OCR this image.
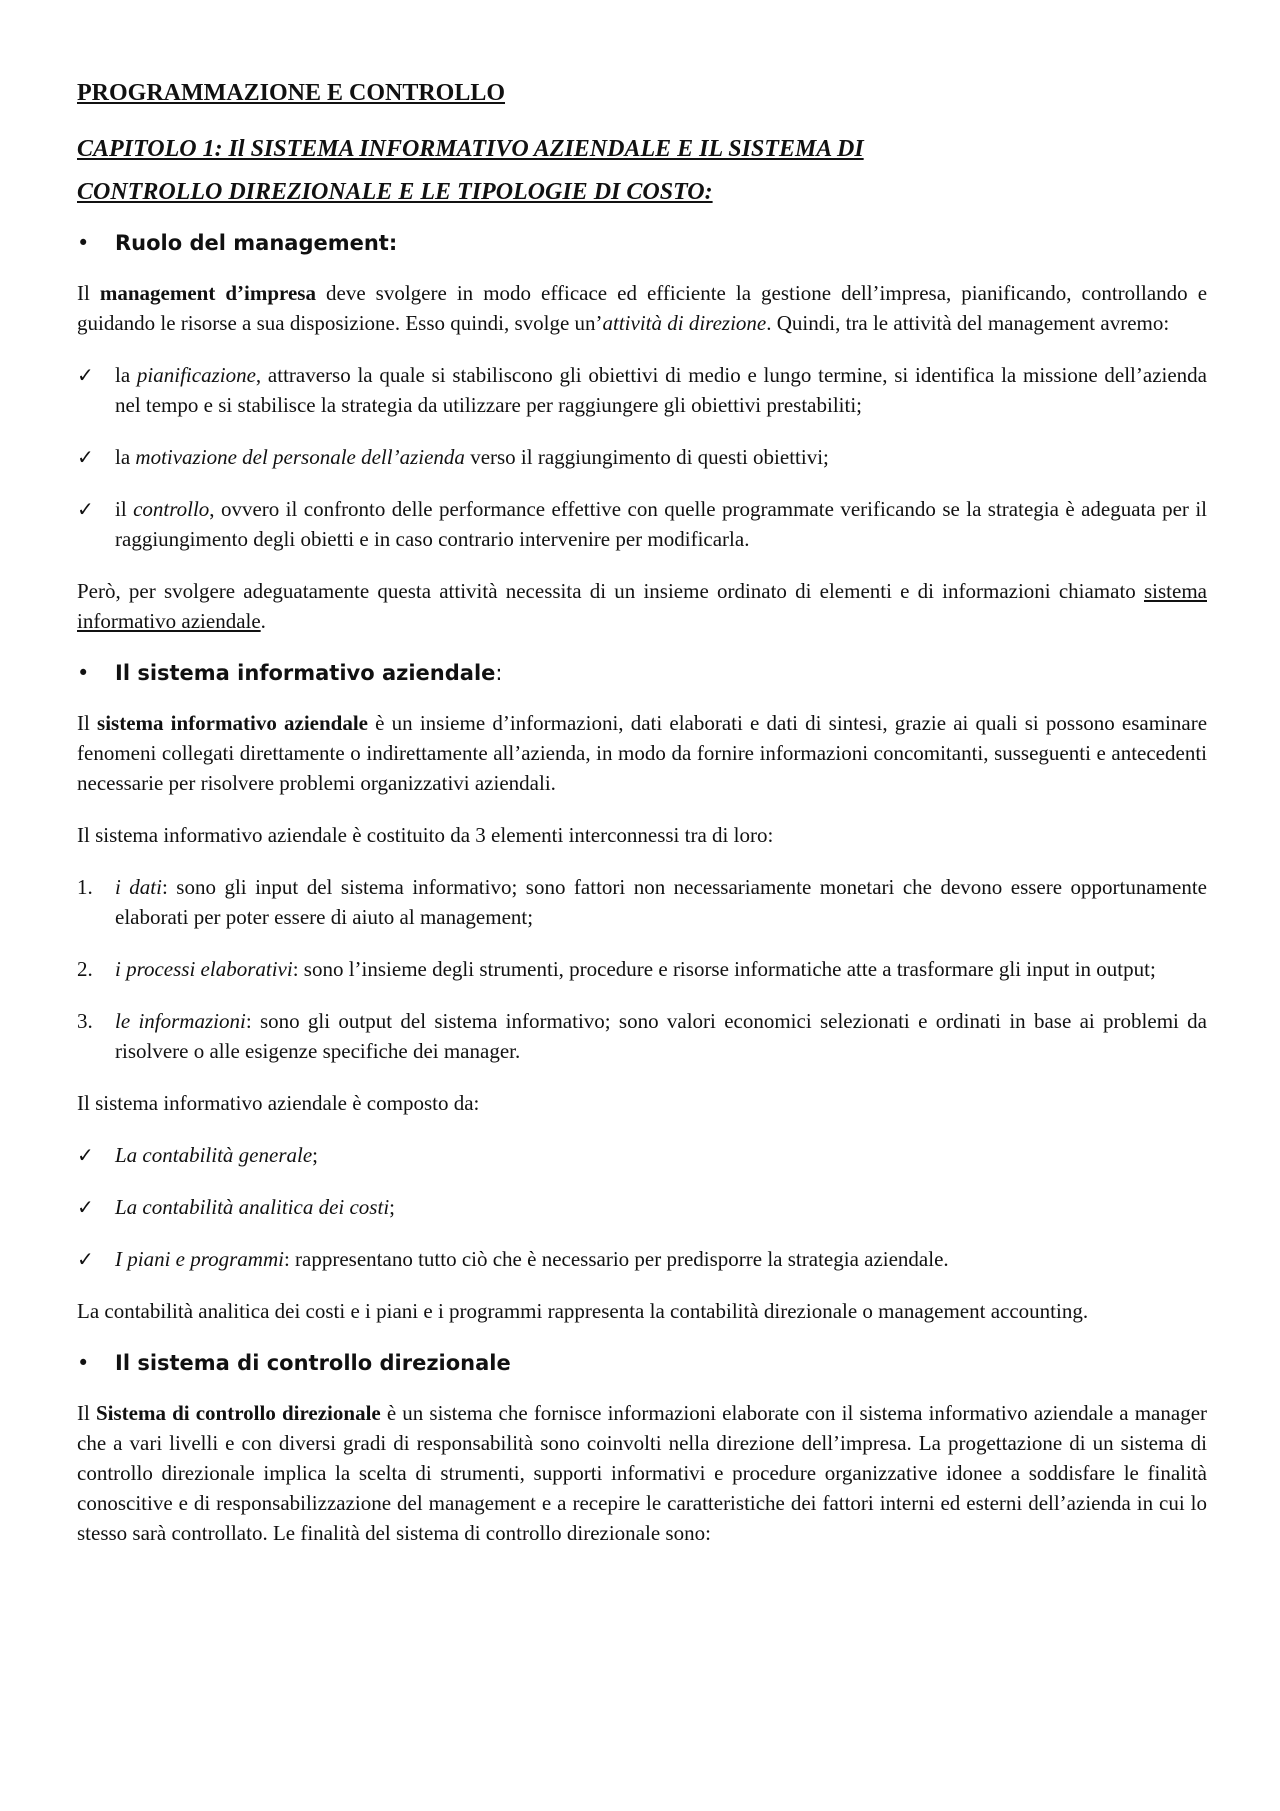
PROGRAMMAZIONE E CONTROLLO
CAPITOLO 1: Il SISTEMA INFORMATIVO AZIENDALE E IL SISTEMA DI
CONTROLLO DIREZIONALE E LE TIPOLOGIE DI COSTO:
• Ruolo del management:

Il management d’impresa deve svolgere in modo efficace ed efficiente la gestione dell’impresa, pianificando, controllando e guidando le risorse a sua disposizione. Esso quindi, svolge un’attività di direzione. Quindi, tra le attività del management avremo:

✓ la pianificazione, attraverso la quale si stabiliscono gli obiettivi di medio e lungo termine, si identifica la missione dell’azienda nel tempo e si stabilisce la strategia da utilizzare per raggiungere gli obiettivi prestabiliti;

✓ la motivazione del personale dell’azienda verso il raggiungimento di questi obiettivi;

✓ il controllo, ovvero il confronto delle performance effettive con quelle programmate verificando se la strategia è adeguata per il raggiungimento degli obietti e in caso contrario intervenire per modificarla.

Però, per svolgere adeguatamente questa attività necessita di un insieme ordinato di elementi e di informazioni chiamato sistema informativo aziendale.

• Il sistema informativo aziendale:

Il sistema informativo aziendale è un insieme d’informazioni, dati elaborati e dati di sintesi, grazie ai quali si possono esaminare fenomeni collegati direttamente o indirettamente all’azienda, in modo da fornire informazioni concomitanti, susseguenti e antecedenti necessarie per risolvere problemi organizzativi aziendali.

Il sistema informativo aziendale è costituito da 3 elementi interconnessi tra di loro:

1. i dati: sono gli input del sistema informativo; sono fattori non necessariamente monetari che devono essere opportunamente elaborati per poter essere di aiuto al management;

2. i processi elaborativi: sono l’insieme degli strumenti, procedure e risorse informatiche atte a trasformare gli input in output;

3. le informazioni: sono gli output del sistema informativo; sono valori economici selezionati e ordinati in base ai problemi da risolvere o alle esigenze specifiche dei manager.

Il sistema informativo aziendale è composto da:

✓ La contabilità generale;

✓ La contabilità analitica dei costi;

✓ I piani e programmi: rappresentano tutto ciò che è necessario per predisporre la strategia aziendale.

La contabilità analitica dei costi e i piani e i programmi rappresenta la contabilità direzionale o management accounting.

• Il sistema di controllo direzionale

Il Sistema di controllo direzionale è un sistema che fornisce informazioni elaborate con il sistema informativo aziendale a manager che a vari livelli e con diversi gradi di responsabilità sono coinvolti nella direzione dell’impresa. La progettazione di un sistema di controllo direzionale implica la scelta di strumenti, supporti informativi e procedure organizzative idonee a soddisfare le finalità conoscitive e di responsabilizzazione del management e a recepire le caratteristiche dei fattori interni ed esterni dell’azienda in cui lo stesso sarà controllato. Le finalità del sistema di controllo direzionale sono:
